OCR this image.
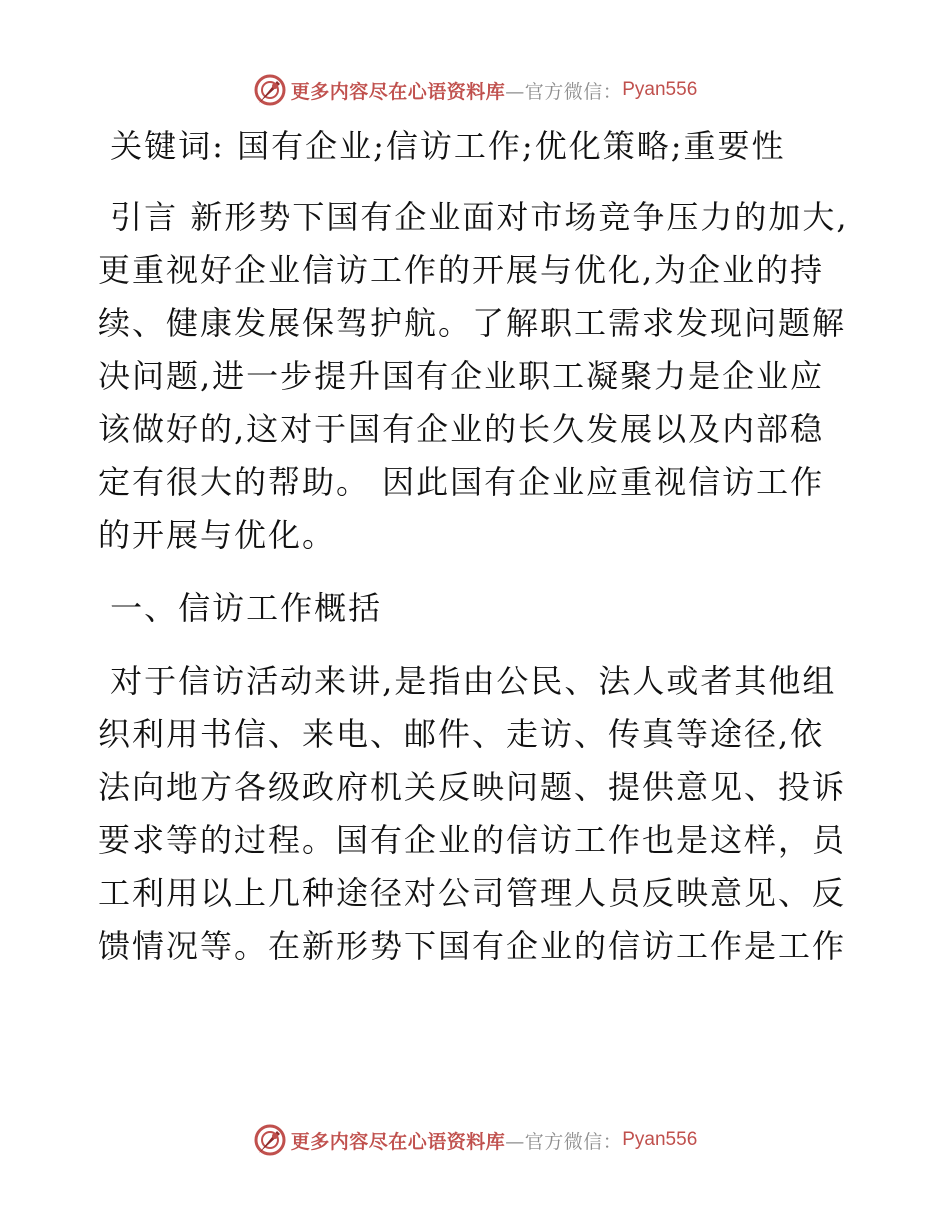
更多内容尽在心语资料库 —官方微信： Pyan556

关键词: 国有企业;信访工作;优化策略;重要性

引言 新形势下国有企业面对市场竞争压力的加大,更重视好企业信访工作的开展与优化,为企业的持续、健康发展保驾护航。了解职工需求发现问题解决问题,进一步提升国有企业职工凝聚力是企业应该做好的,这对于国有企业的长久发展以及内部稳定有很大的帮助。 因此国有企业应重视信访工作的开展与优化。

一、信访工作概括

对于信访活动来讲,是指由公民、法人或者其他组织利用书信、来电、邮件、走访、传真等途径,依法向地方各级政府机关反映问题、提供意见、投诉要求等的过程。国有企业的信访工作也是这样，员工利用以上几种途径对公司管理人员反映意见、反馈情况等。在新形势下国有企业的信访工作是工作

更多内容尽在心语资料库 —官方微信： Pyan556
